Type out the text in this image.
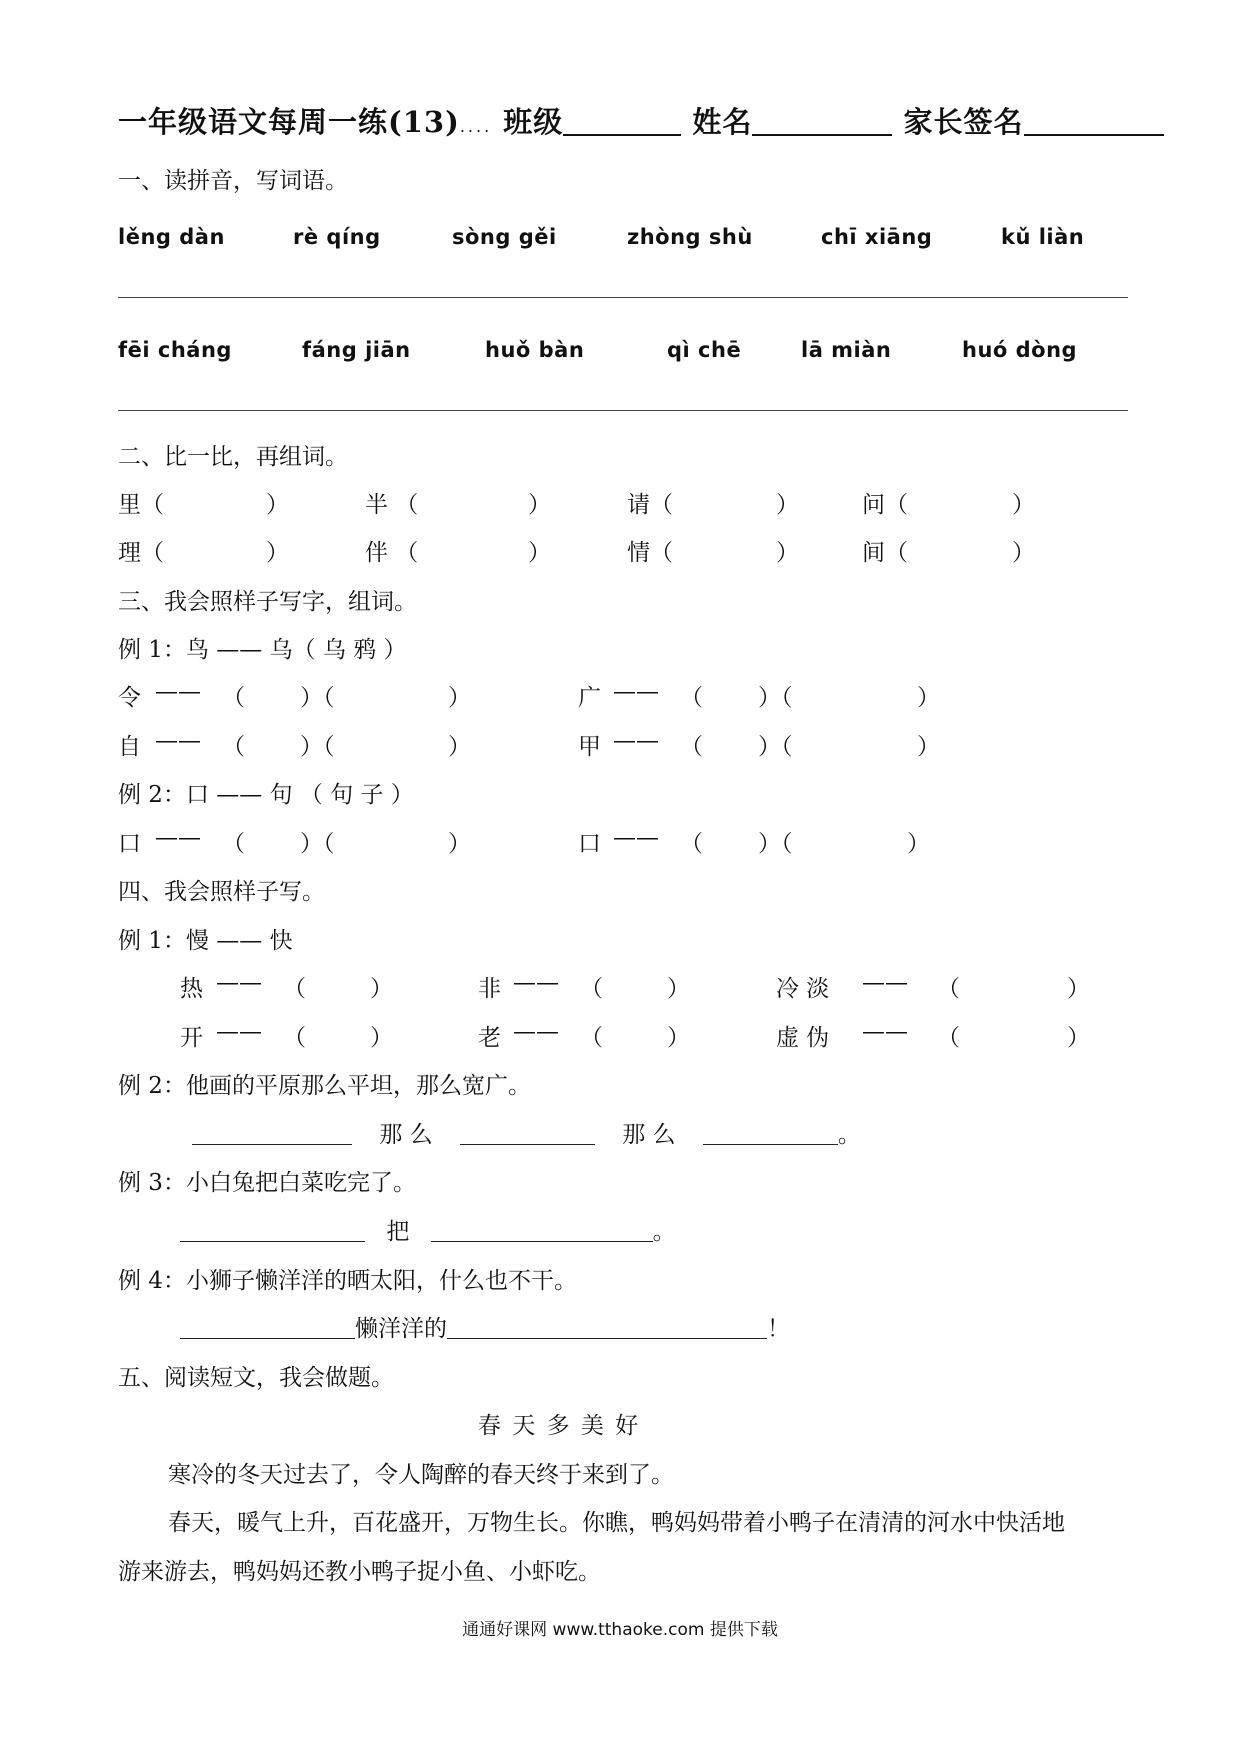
一年级语文每周一练(13).... 班级	姓名	家长签名
一、读拼音，写词语。
lěng dàn	rè qíng	sòng gěi	zhòng shù	chī xiāng	kǔ liàn
fēi cháng	fáng jiān	huǒ bàn	qì chē	lā miàn	huó dòng
二、比一比，再组词。
里（	）	半 （	）	请（	）	问（	）
理（	）	伴 （	）	情（	）	间（	）
三、我会照样子写字，组词。
例 1：鸟 —— 乌（ 乌 鸦 ）
令 —— （ ）（	）	广 —— （ ）（	）
自 —— （ ）（	）	甲 —— （ ）（	）
例 2：口 —— 句 （ 句 子 ）
口 —— （ ）（	）	口 —— （ ）（	）
四、我会照样子写。
例 1：慢 —— 快
热 —— （	）	非 —— （	）	冷 淡 —— （	）
开 —— （	）	老 —— （	）	虚 伪 —— （	）
例 2：他画的平原那么平坦，那么宽广。
那 么	那 么	。
例 3：小白兔把白菜吃完了。
把	。
例 4：小狮子懒洋洋的晒太阳，什么也不干。
懒洋洋的	！
五、阅读短文，我会做题。
春 天 多 美 好
寒冷的冬天过去了，令人陶醉的春天终于来到了。
春天，暖气上升，百花盛开，万物生长。你瞧，鸭妈妈带着小鸭子在清清的河水中快活地
游来游去，鸭妈妈还教小鸭子捉小鱼、小虾吃。
通通好课网 www.tthaoke.com 提供下载
